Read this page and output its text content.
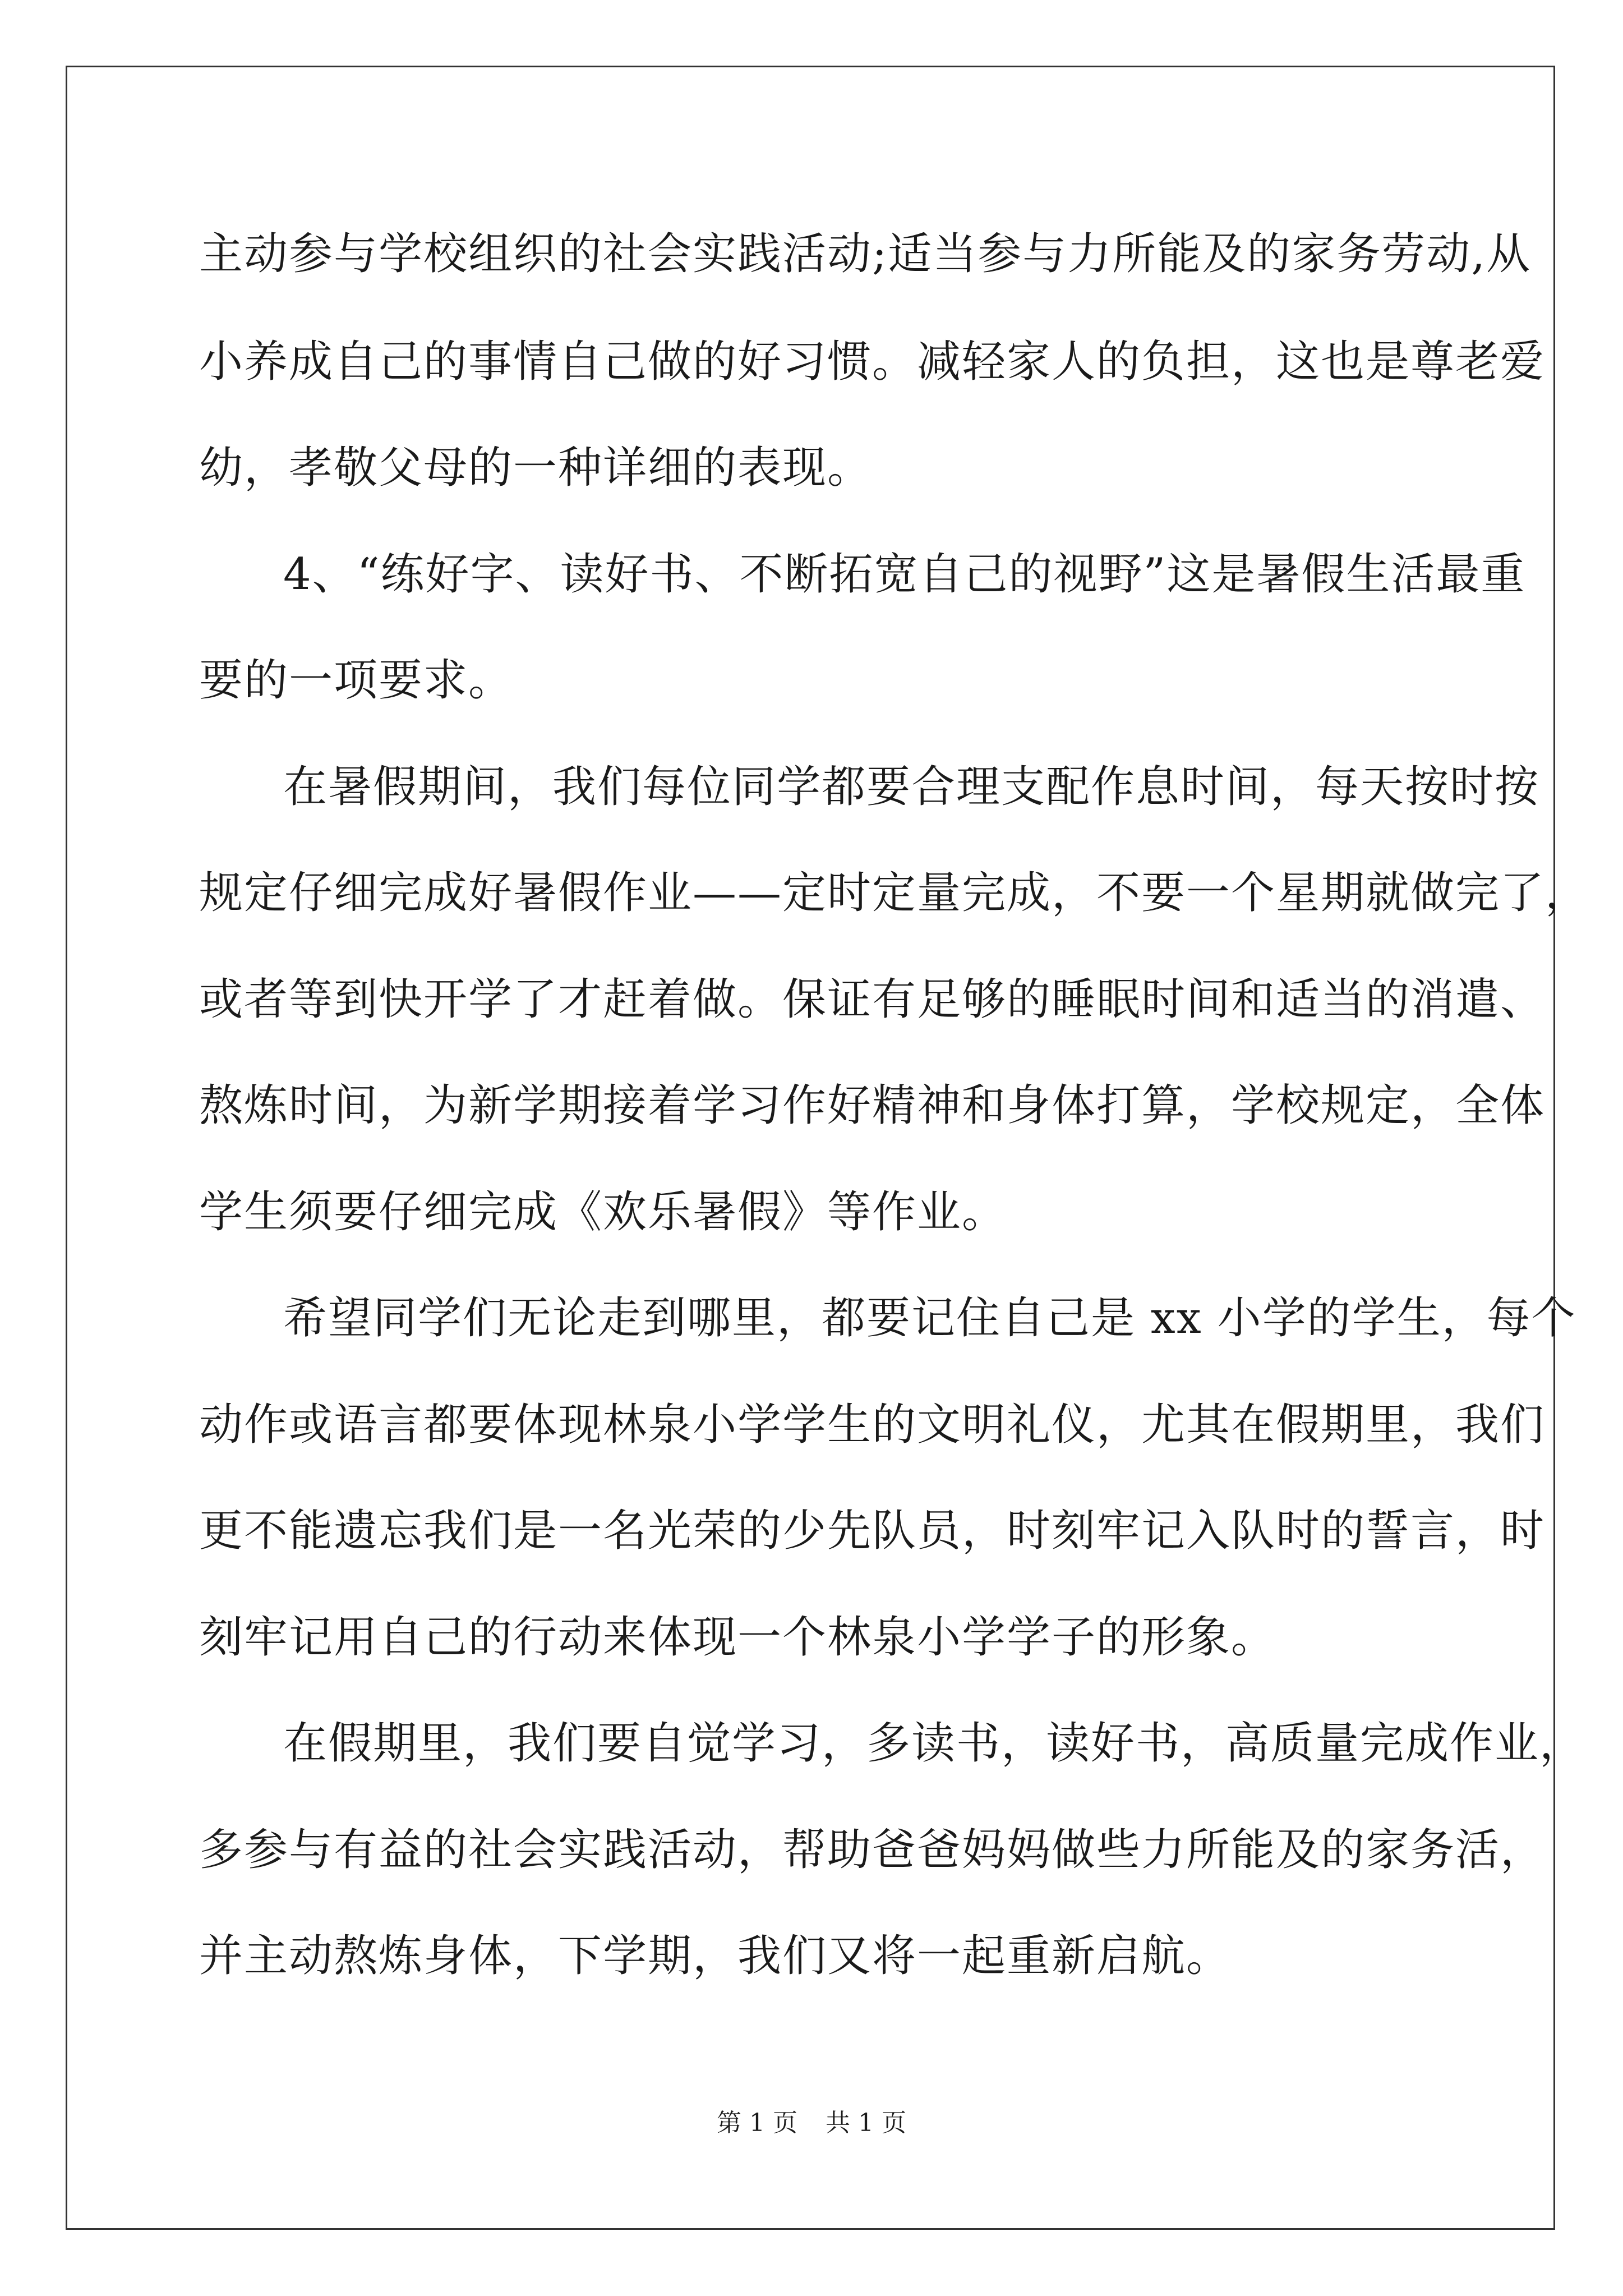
主动参与学校组织的社会实践活动;适当参与力所能及的家务劳动,从
小养成自己的事情自己做的好习惯。减轻家人的负担，这也是尊老爱
幼，孝敬父母的一种详细的表现。
4、“练好字、读好书、不断拓宽自己的视野”这是暑假生活最重
要的一项要求。
在暑假期间，我们每位同学都要合理支配作息时间，每天按时按
规定仔细完成好暑假作业——定时定量完成，不要一个星期就做完了，
或者等到快开学了才赶着做。保证有足够的睡眠时间和适当的消遣、
熬炼时间，为新学期接着学习作好精神和身体打算，学校规定，全体
学生须要仔细完成《欢乐暑假》等作业。
希望同学们无论走到哪里，都要记住自己是 xx 小学的学生，每个
动作或语言都要体现林泉小学学生的文明礼仪，尤其在假期里，我们
更不能遗忘我们是一名光荣的少先队员，时刻牢记入队时的誓言，时
刻牢记用自己的行动来体现一个林泉小学学子的形象。
在假期里，我们要自觉学习，多读书，读好书，高质量完成作业，
多参与有益的社会实践活动，帮助爸爸妈妈做些力所能及的家务活，
并主动熬炼身体，下学期，我们又将一起重新启航。
第 1 页 共 1 页
